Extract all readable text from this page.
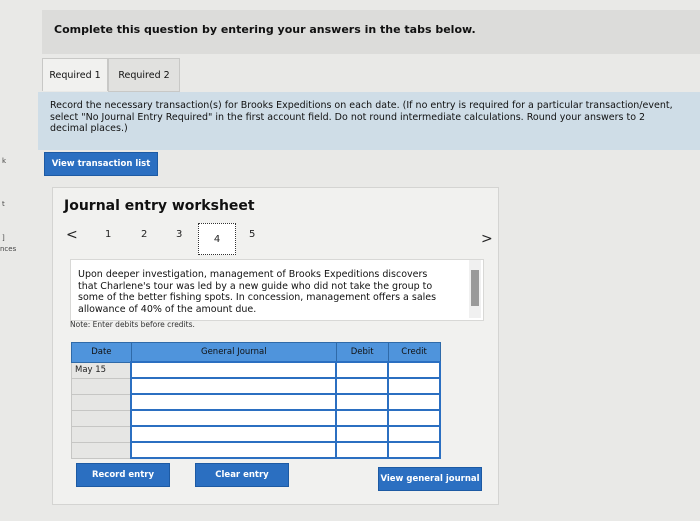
k
t
]
nces
Complete this question by entering your answers in the tabs below.
Required 1	Required 2

Record the necessary transaction(s) for Brooks Expeditions on each date. (If no entry is required for a particular transaction/event, select "No Journal Entry Required" in the first account field. Do not round intermediate calculations. Round your answers to 2 decimal places.)

View transaction list
Journal entry worksheet
<	1	2	3	4	5	>

Upon deeper investigation, management of Brooks Expeditions discovers that Charlene's tour was led by a new guide who did not take the group to some of the better fishing spots. In concession, management offers a sales allowance of 40% of the amount due.

Note: Enter debits before credits.
Date	General Journal	Debit	Credit
May 15			

Record entry	Clear entry	View general journal
